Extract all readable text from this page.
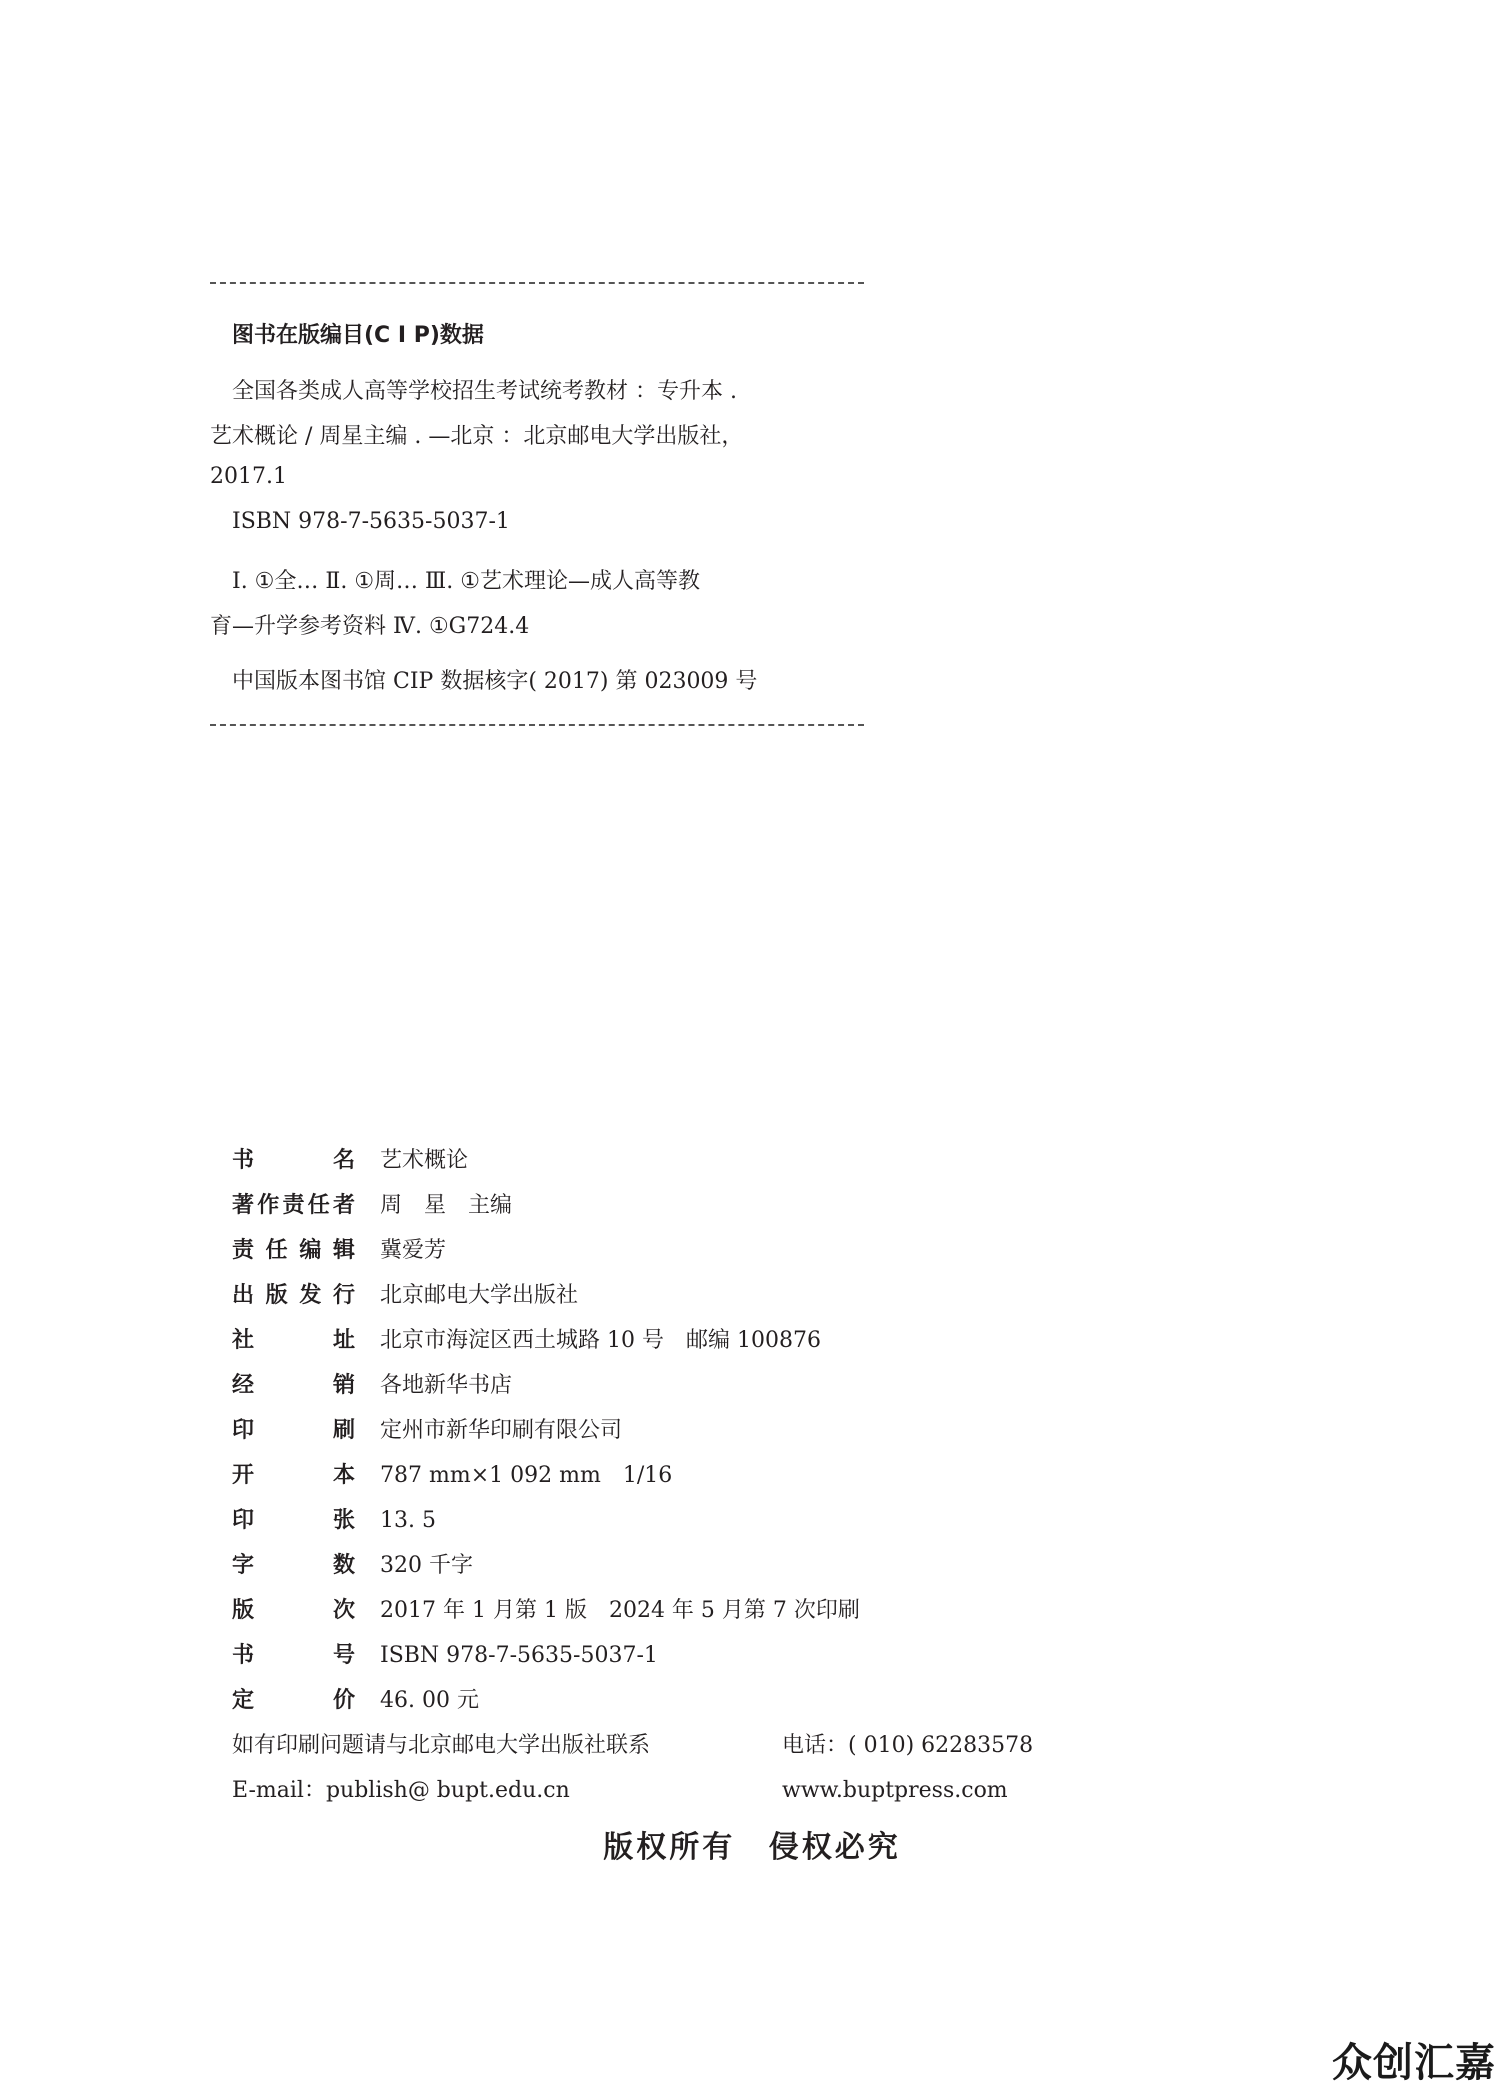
图书在版编目(C I P)数据
全国各类成人高等学校招生考试统考教材 ：专升本 .
艺术概论 / 周星主编 . —北京 ：北京邮电大学出版社，
2017.1
ISBN 978-7-5635-5037-1
Ⅰ. ①全… Ⅱ. ①周… Ⅲ. ①艺术理论—成人高等教
育—升学参考资料 Ⅳ. ①G724.4
中国版本图书馆 CIP 数据核字( 2017) 第 023009 号
书名 艺术概论
著作责任者 周　星　主编
责任编辑 冀爱芳
出版发行 北京邮电大学出版社
社址 北京市海淀区西土城路 10 号　邮编 100876
经销 各地新华书店
印刷 定州市新华印刷有限公司
开本 787 mm×1 092 mm　1/16
印张 13. 5
字数 320 千字
版次 2017 年 1 月第 1 版　2024 年 5 月第 7 次印刷
书号 ISBN 978-7-5635-5037-1
定价 46. 00 元
如有印刷问题请与北京邮电大学出版社联系	电话：( 010) 62283578
E-mail：publish@ bupt.edu.cn	www.buptpress.com
版权所有 侵权必究
众创汇嘉
